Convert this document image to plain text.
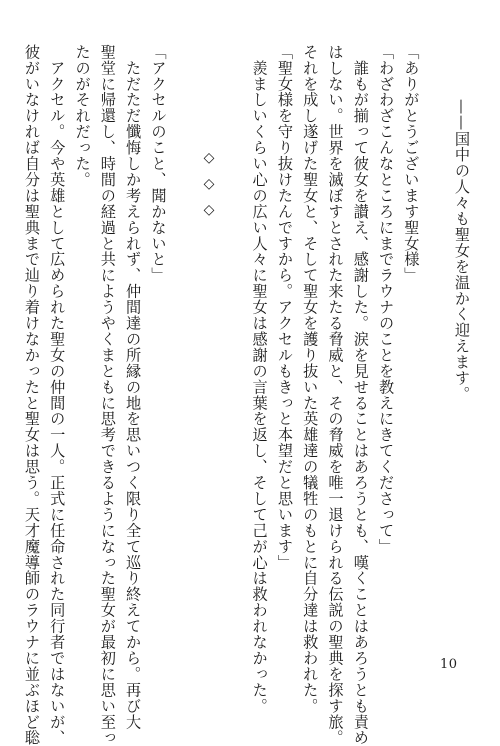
——国中の人々も聖女を温かく迎えます。
「ありがとうございます聖女様」
「わざわざこんなところにまでラウナのことを教えにきてくださって」
　誰もが揃って彼女を讃え、感謝した。涙を見せることはあろうとも、嘆くことはあろうとも責め
はしない。世界を滅ぼすとされた来たる脅威と、その脅威を唯一退けられる伝説の聖典を探す旅。
それを成し遂げた聖女と、そして聖女を護り抜いた英雄達の犠牲のもとに自分達は救われた。
「聖女様を守り抜けたんですから。アクセルもきっと本望だと思います」
　羨ましいくらい心の広い人々に聖女は感謝の言葉を返し、そして己が心は救われなかった。
◇◇◇
「アクセルのこと、聞かないと」
　ただただ懺悔しか考えられず、仲間達の所縁の地を思いつく限り全て巡り終えてから。再び大
聖堂に帰還し、時間の経過と共にようやくまともに思考できるようになった聖女が最初に思い至っ
たのがそれだった。
　アクセル。今や英雄として広められた聖女の仲間の一人。正式に任命された同行者ではないが、
彼がいなければ自分は聖典まで辿り着けなかったと聖女は思う。天才魔導師のラウナに並ぶほど聡	10
